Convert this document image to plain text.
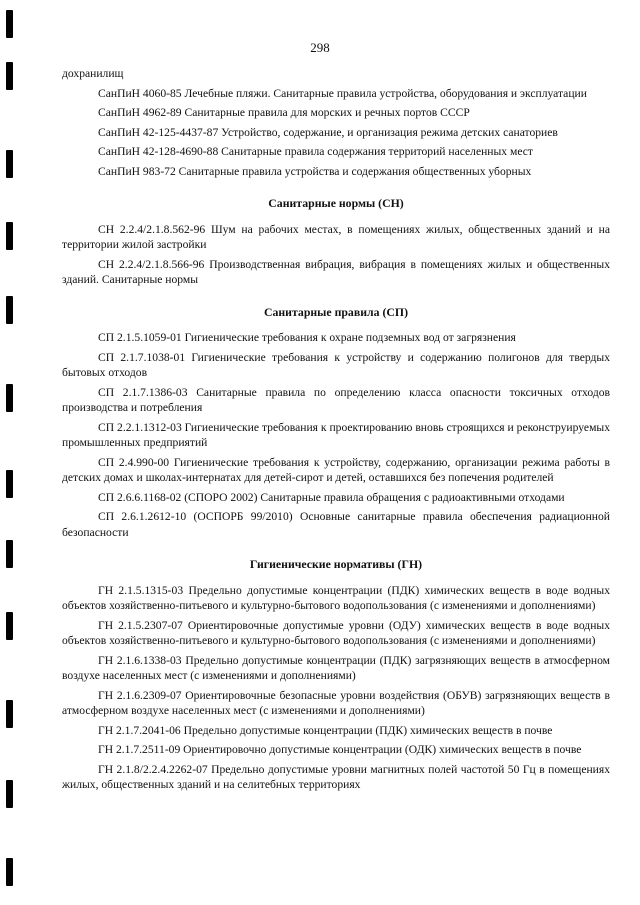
298
дохранилищ
СанПиН 4060-85 Лечебные пляжи. Санитарные правила устройства, оборудования и эксплуатации
СанПиН 4962-89 Санитарные правила для морских и речных портов СССР
СанПиН 42-125-4437-87 Устройство, содержание, и организация режима детских санаториев
СанПиН 42-128-4690-88 Санитарные правила содержания территорий населенных мест
СанПиН 983-72 Санитарные правила устройства и содержания общественных уборных
Санитарные нормы (СН)
СН 2.2.4/2.1.8.562-96 Шум на рабочих местах, в помещениях жилых, общественных зданий и на территории жилой застройки
СН 2.2.4/2.1.8.566-96 Производственная вибрация, вибрация в помещениях жилых и общественных зданий. Санитарные нормы
Санитарные правила (СП)
СП 2.1.5.1059-01 Гигиенические требования к охране подземных вод от загрязнения
СП 2.1.7.1038-01 Гигиенические требования к устройству и содержанию полигонов для твердых бытовых отходов
СП 2.1.7.1386-03 Санитарные правила по определению класса опасности токсичных отходов производства и потребления
СП 2.2.1.1312-03 Гигиенические требования к проектированию вновь строящихся и реконструируемых промышленных предприятий
СП 2.4.990-00 Гигиенические требования к устройству, содержанию, организации режима работы в детских домах и школах-интернатах для детей-сирот и детей, оставшихся без попечения родителей
СП 2.6.6.1168-02 (СПОРО 2002) Санитарные правила обращения с радиоактивными отходами
СП 2.6.1.2612-10 (ОСПОРБ 99/2010) Основные санитарные правила обеспечения радиационной безопасности
Гигиенические нормативы (ГН)
ГН 2.1.5.1315-03 Предельно допустимые концентрации (ПДК) химических веществ в воде водных объектов хозяйственно-питьевого и культурно-бытового водопользования (с изменениями и дополнениями)
ГН 2.1.5.2307-07 Ориентировочные допустимые уровни (ОДУ) химических веществ в воде водных объектов хозяйственно-питьевого и культурно-бытового водопользования (с изменениями и дополнениями)
ГН 2.1.6.1338-03 Предельно допустимые концентрации (ПДК) загрязняющих веществ в атмосферном воздухе населенных мест (с изменениями и дополнениями)
ГН 2.1.6.2309-07 Ориентировочные безопасные уровни воздействия (ОБУВ) загрязняющих веществ в атмосферном воздухе населенных мест (с изменениями и дополнениями)
ГН 2.1.7.2041-06 Предельно допустимые концентрации (ПДК) химических веществ в почве
ГН 2.1.7.2511-09 Ориентировочно допустимые концентрации (ОДК) химических веществ в почве
ГН 2.1.8/2.2.4.2262-07 Предельно допустимые уровни магнитных полей частотой 50 Гц в помещениях жилых, общественных зданий и на селитебных территориях
